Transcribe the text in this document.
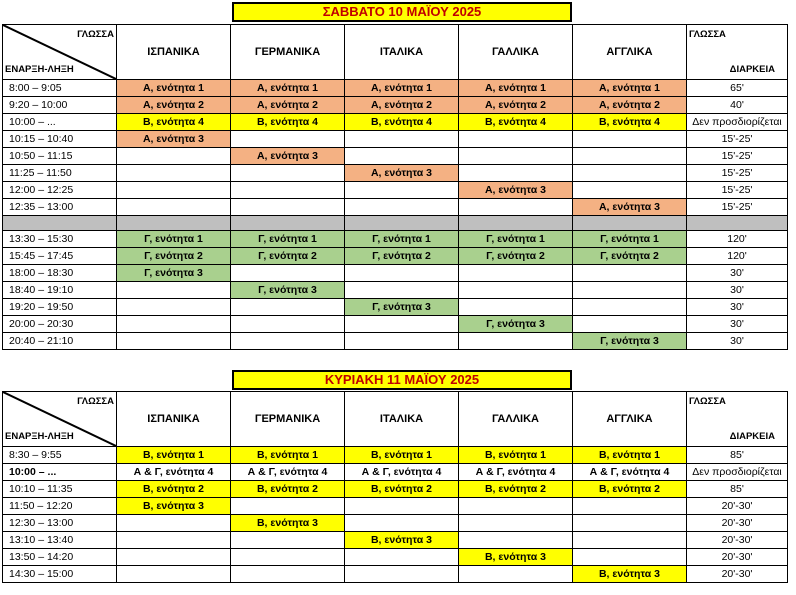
ΣΑΒΒΑΤΟ 10 ΜΑΪΟΥ 2025
ΓΛΩΣΣΑ
ΕΝΑΡΞΗ-ΛΗΞΗ	ΙΣΠΑΝΙΚΑ	ΓΕΡΜΑΝΙΚΑ	ΙΤΑΛΙΚΑ	ΓΑΛΛΙΚΑ	ΑΓΓΛΙΚΑ	ΓΛΩΣΣΑ
ΔΙΑΡΚΕΙΑ

8:00 – 9:05	Α, ενότητα 1	Α, ενότητα 1	Α, ενότητα 1	Α, ενότητα 1	Α, ενότητα 1	65'
9:20 – 10:00	Α, ενότητα 2	Α, ενότητα 2	Α, ενότητα 2	Α, ενότητα 2	Α, ενότητα 2	40'
10:00 – ...	Β, ενότητα 4	Β, ενότητα 4	Β, ενότητα 4	Β, ενότητα 4	Β, ενότητα 4	Δεν προσδιορίζεται
10:15 – 10:40	Α, ενότητα 3					15'-25'
10:50 – 11:15		Α, ενότητα 3				15'-25'
11:25 – 11:50			Α, ενότητα 3			15'-25'
12:00 – 12:25				Α, ενότητα 3		15'-25'
12:35 – 13:00					Α, ενότητα 3	15'-25'

13:30 – 15:30	Γ, ενότητα 1	Γ, ενότητα 1	Γ, ενότητα 1	Γ, ενότητα 1	Γ, ενότητα 1	120'
15:45 – 17:45	Γ, ενότητα 2	Γ, ενότητα 2	Γ, ενότητα 2	Γ, ενότητα 2	Γ, ενότητα 2	120'
18:00 – 18:30	Γ, ενότητα 3					30'
18:40 – 19:10		Γ, ενότητα 3				30'
19:20 – 19:50			Γ, ενότητα 3			30'
20:00 – 20:30				Γ, ενότητα 3		30'
20:40 – 21:10					Γ, ενότητα 3	30'
ΚΥΡΙΑΚΗ 11 ΜΑΪΟΥ 2025
ΓΛΩΣΣΑ
ΕΝΑΡΞΗ-ΛΗΞΗ	ΙΣΠΑΝΙΚΑ	ΓΕΡΜΑΝΙΚΑ	ΙΤΑΛΙΚΑ	ΓΑΛΛΙΚΑ	ΑΓΓΛΙΚΑ	ΓΛΩΣΣΑ
ΔΙΑΡΚΕΙΑ

8:30 – 9:55	Β, ενότητα 1	Β, ενότητα 1	Β, ενότητα 1	Β, ενότητα 1	Β, ενότητα 1	85'
10:00 – ...	Α & Γ, ενότητα 4	Α & Γ, ενότητα 4	Α & Γ, ενότητα 4	Α & Γ, ενότητα 4	Α & Γ, ενότητα 4	Δεν προσδιορίζεται
10:10 – 11:35	Β, ενότητα 2	Β, ενότητα 2	Β, ενότητα 2	Β, ενότητα 2	Β, ενότητα 2	85'
11:50 – 12:20	Β, ενότητα 3					20'-30'
12:30 – 13:00		Β, ενότητα 3				20'-30'
13:10 – 13:40			Β, ενότητα 3			20'-30'
13:50 – 14:20				Β, ενότητα 3		20'-30'
14:30 – 15:00					Β, ενότητα 3	20'-30'
